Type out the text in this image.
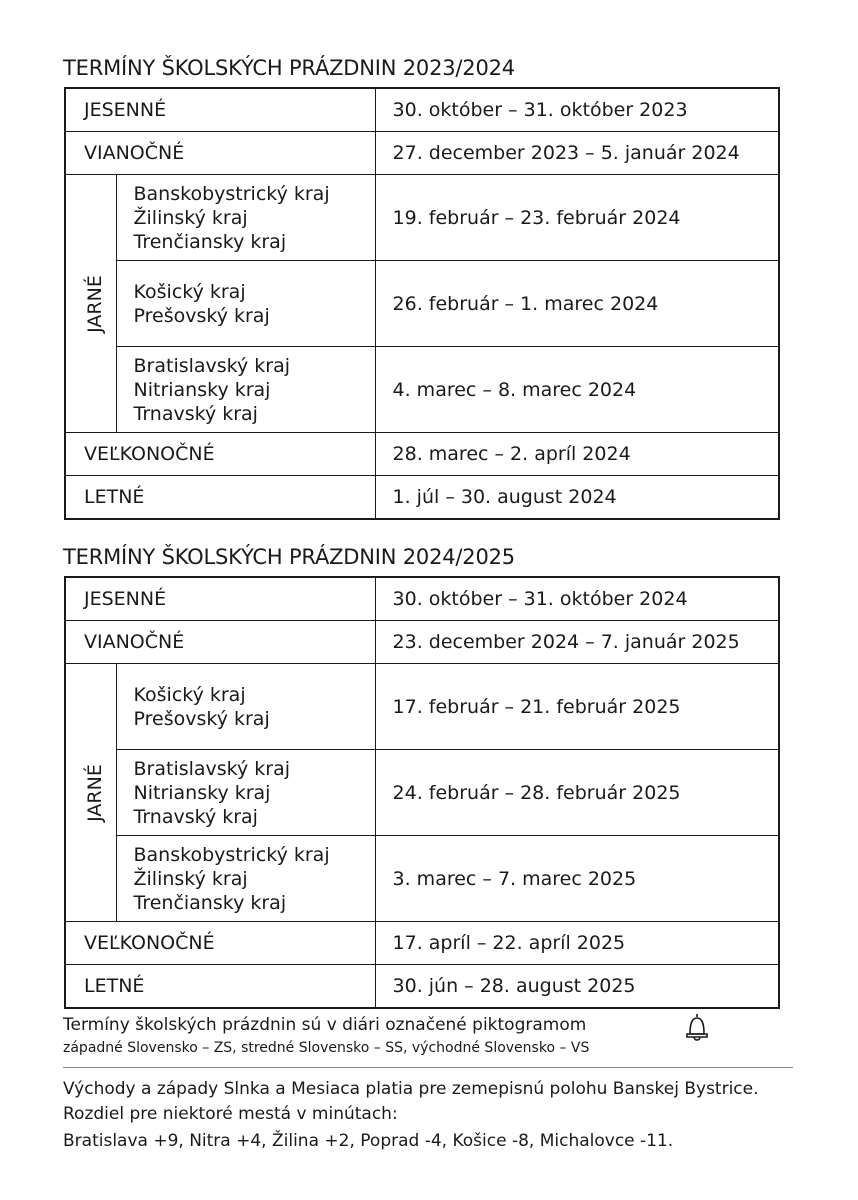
TERMÍNY ŠKOLSKÝCH PRÁZDNIN 2023/2024
JESENNÉ		30. október – 31. október 2023
VIANOČNÉ		27. december 2023 – 5. január 2024
JARNÉ	Banskobystrický kraj
Žilinský kraj
Trenčiansky kraj	19. február – 23. február 2024

	Košický kraj
Prešovský kraj	26. február – 1. marec 2024

	Bratislavský kraj
Nitriansky kraj
Trnavský kraj	4. marec – 8. marec 2024
VEĽKONOČNÉ		28. marec – 2. apríl 2024
LETNÉ		1. júl – 30. august 2024
TERMÍNY ŠKOLSKÝCH PRÁZDNIN 2024/2025
JESENNÉ		30. október – 31. október 2024
VIANOČNÉ		23. december 2024 – 7. január 2025
JARNÉ	Košický kraj
Prešovský kraj	17. február – 21. február 2025

	Bratislavský kraj
Nitriansky kraj
Trnavský kraj	24. február – 28. február 2025

	Banskobystrický kraj
Žilinský kraj
Trenčiansky kraj	3. marec – 7. marec 2025
VEĽKONOČNÉ		17. apríl – 22. apríl 2025
LETNÉ		30. jún – 28. august 2025
Termíny školských prázdnin sú v diári označené piktogramom
západné Slovensko – ZS, stredné Slovensko – SS, východné Slovensko – VS
Východy a západy Slnka a Mesiaca platia pre zemepisnú polohu Banskej Bystrice.
Rozdiel pre niektoré mestá v minútach:
Bratislava +9, Nitra +4, Žilina +2, Poprad -4, Košice -8, Michalovce -11.
